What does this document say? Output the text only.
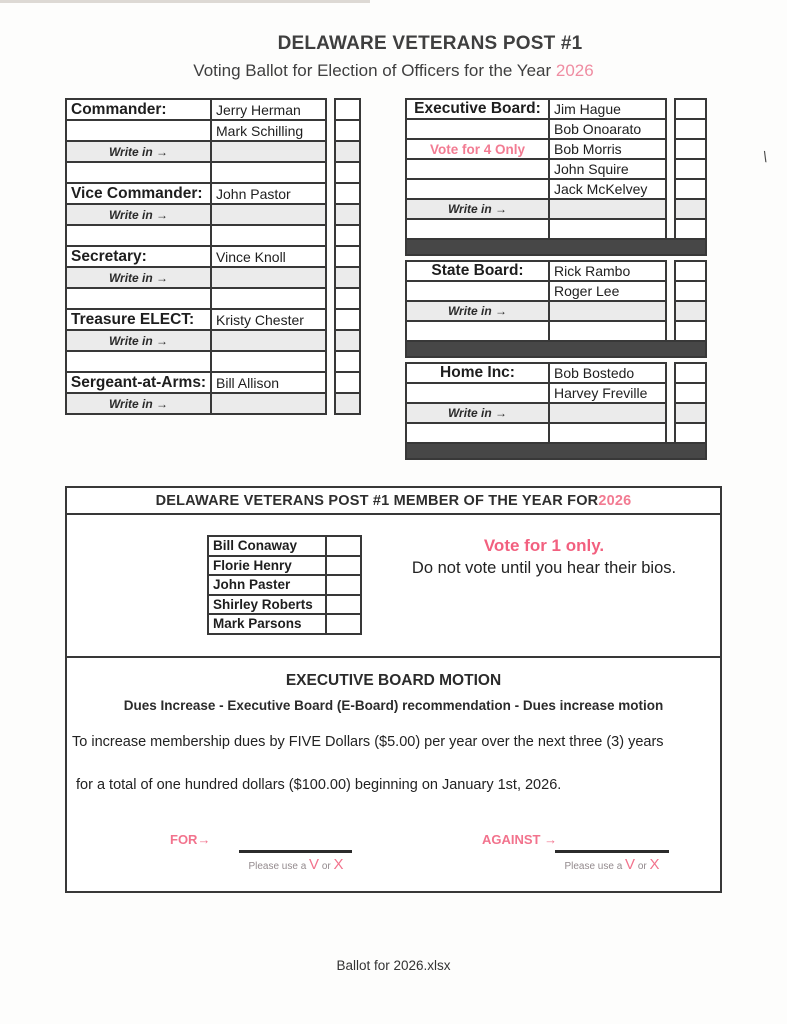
DELAWARE VETERANS POST #1
Voting Ballot for Election of Officers for the Year 2026
Commander:	Jerry Herman
Mark Schilling
Write in →
Vice Commander: John Pastor
Write in →
Secretary:	Vince Knoll
Write in →
Treasure ELECT:	Kristy Chester
Write in →
Sergeant-at-Arms: Bill Allison
Write in →
Executive Board: Jim Hague
Bob Onoarato
Vote for 4 Only	Bob Morris
John Squire
Jack McKelvey
Write in →
State Board:	Rick Rambo
Roger Lee
Write in →
Home Inc:	Bob Bostedo
Harvey Freville
Write in →
\
DELAWARE VETERANS POST #1 MEMBER OF THE YEAR FOR 2026
Bill Conaway
Florie Henry
John Paster
Shirley Roberts
Mark Parsons
Vote for 1 only.
Do not vote until you hear their bios.
EXECUTIVE BOARD MOTION
Dues Increase - Executive Board (E-Board) recommendation - Dues increase motion
To increase membership dues by FIVE Dollars ($5.00) per year over the next three (3) years
for a total of one hundred dollars ($100.00) beginning on January 1st, 2026.
FOR→
Please use a V or X
AGAINST →
Please use a V or X
Ballot for 2026.xlsx
